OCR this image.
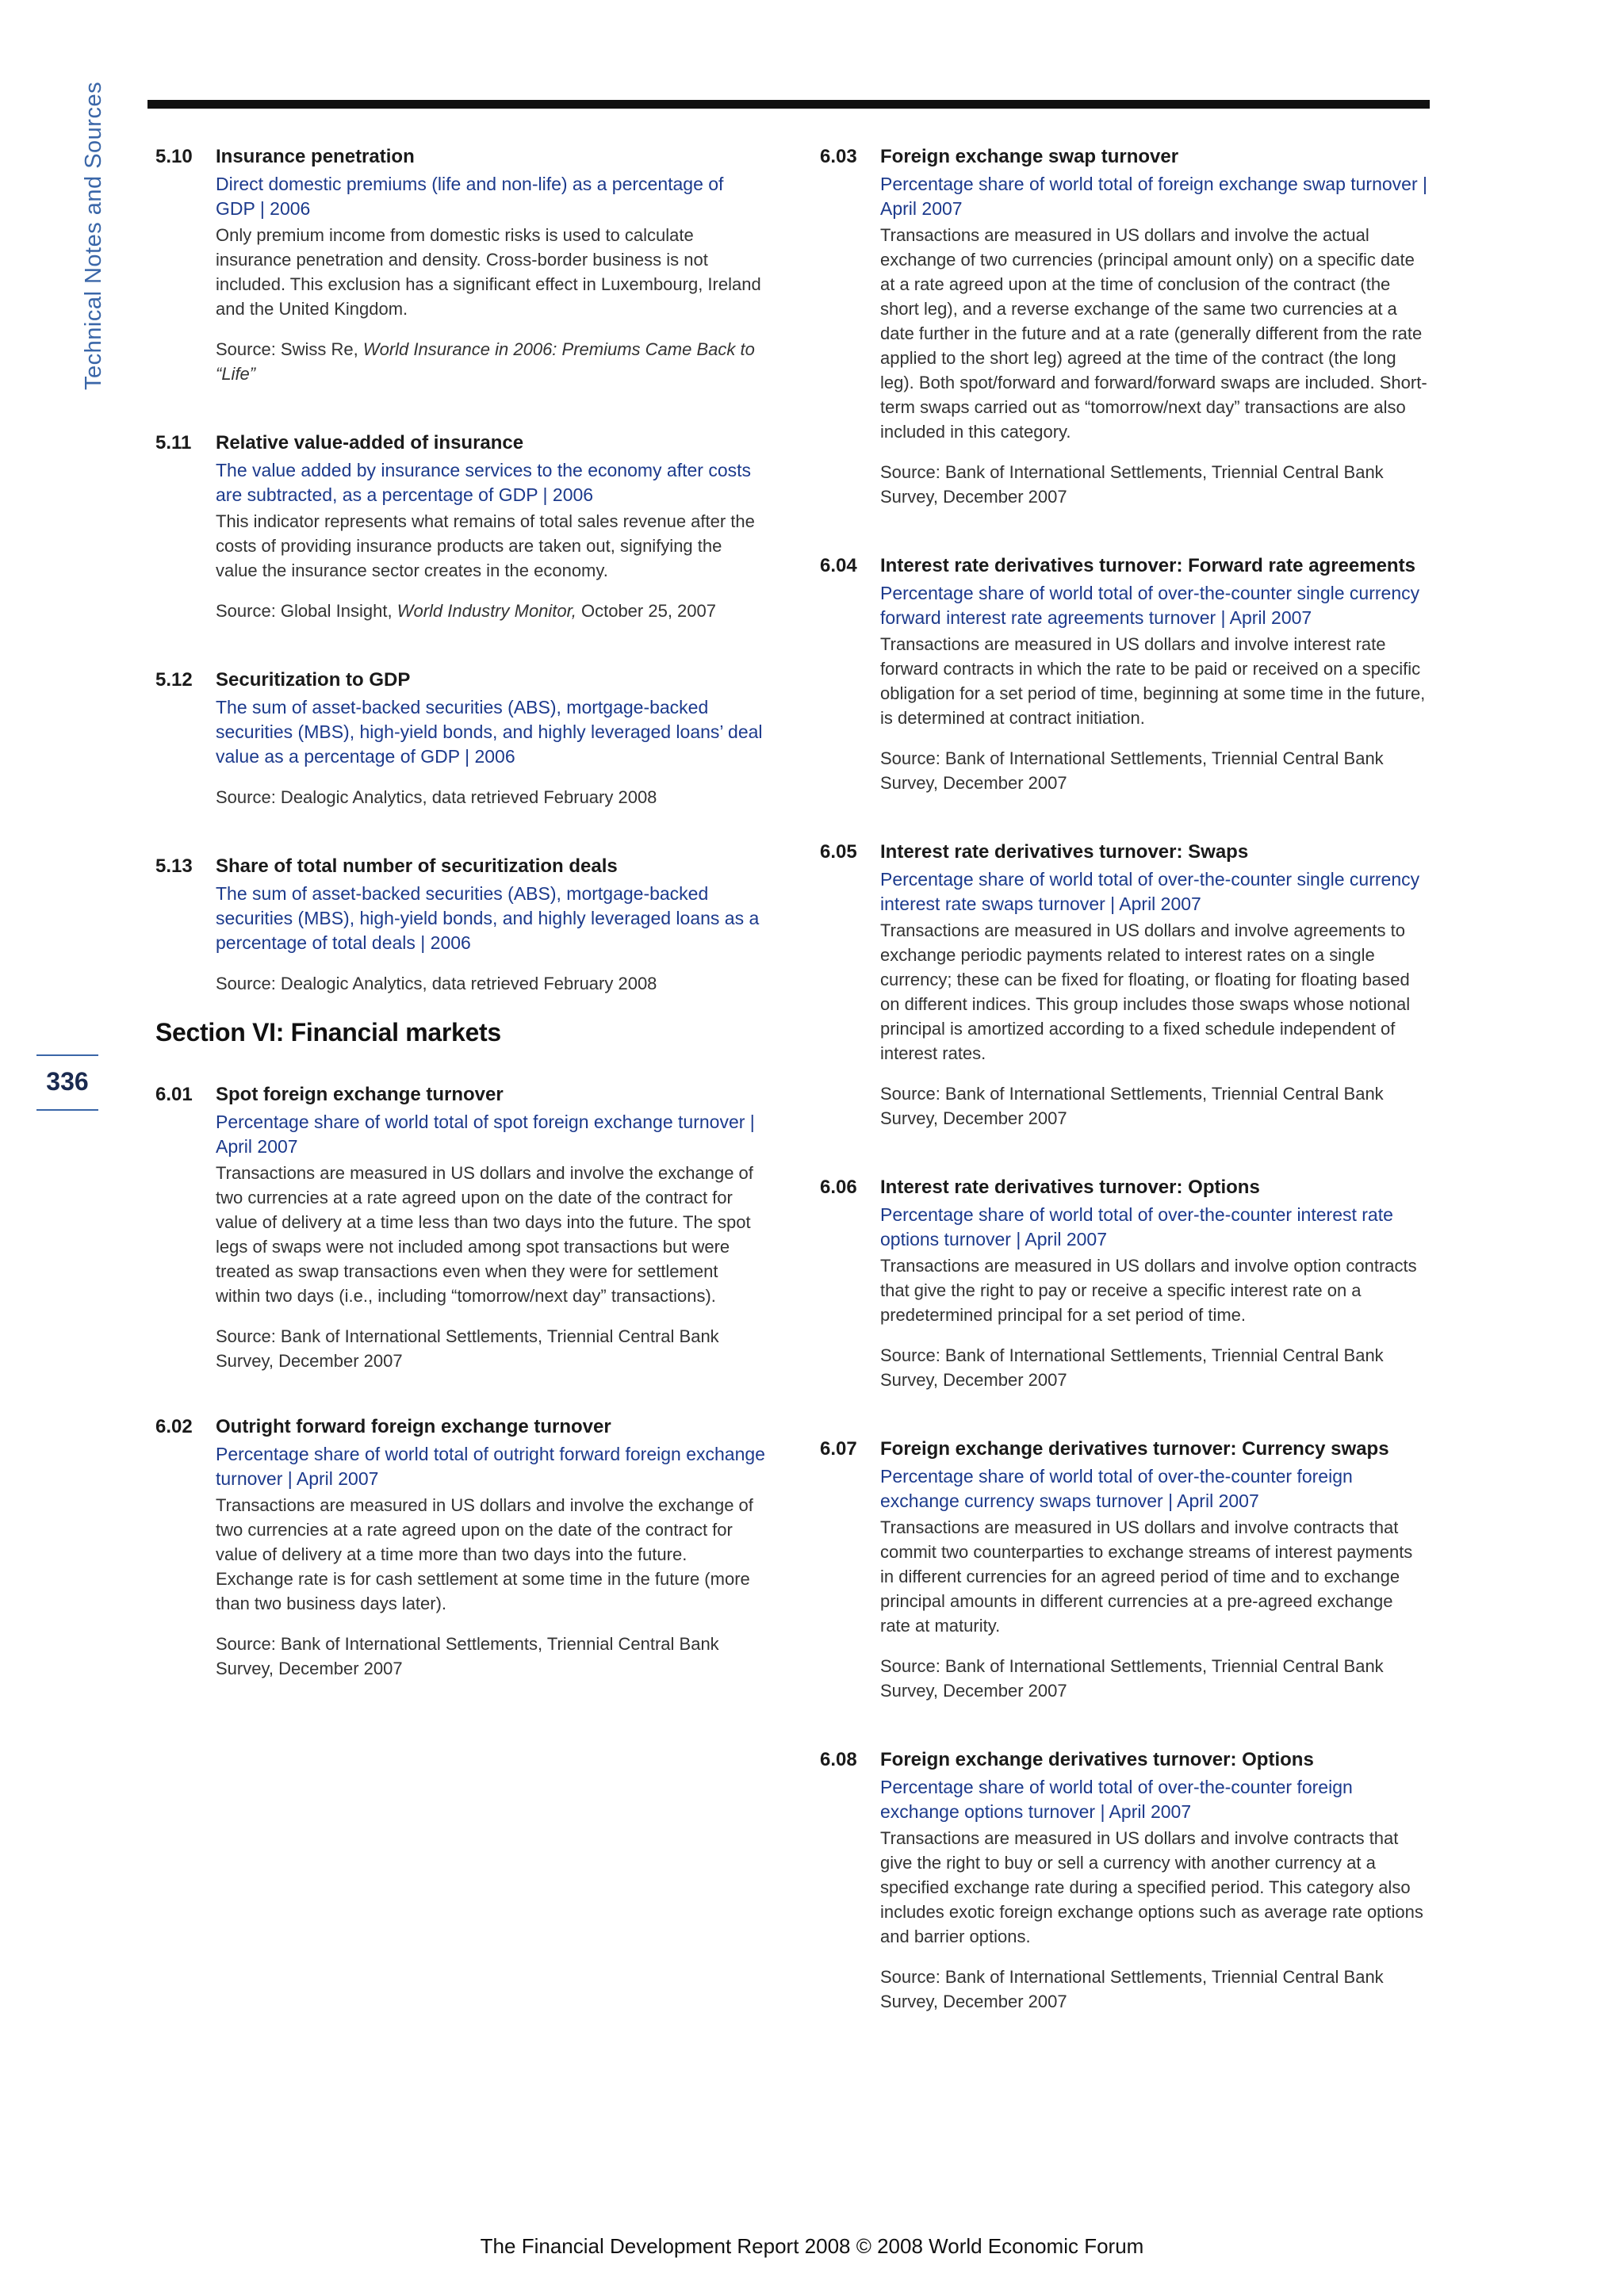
Technical Notes and Sources
336
5.10	Insurance penetration
Direct domestic premiums (life and non-life) as a percentage of GDP | 2006

Only premium income from domestic risks is used to calculate insurance penetration and density. Cross-border business is not included. This exclusion has a significant effect in Luxembourg, Ireland and the United Kingdom.

Source: Swiss Re, World Insurance in 2006: Premiums Came Back to “Life”

5.11	Relative value-added of insurance
The value added by insurance services to the economy after costs are subtracted, as a percentage of GDP | 2006

This indicator represents what remains of total sales revenue after the costs of providing insurance products are taken out, signifying the value the insurance sector creates in the economy.

Source: Global Insight, World Industry Monitor, October 25, 2007

5.12	Securitization to GDP
The sum of asset-backed securities (ABS), mortgage-backed securities (MBS), high-yield bonds, and highly leveraged loans’ deal value as a percentage of GDP | 2006

Source: Dealogic Analytics, data retrieved February 2008

5.13	Share of total number of securitization deals
The sum of asset-backed securities (ABS), mortgage-backed securities (MBS), high-yield bonds, and highly leveraged loans as a percentage of total deals | 2006

Source: Dealogic Analytics, data retrieved February 2008

Section VI: Financial markets
6.01	Spot foreign exchange turnover
Percentage share of world total of spot foreign exchange turnover | April 2007

Transactions are measured in US dollars and involve the exchange of two currencies at a rate agreed upon on the date of the contract for value of delivery at a time less than two days into the future. The spot legs of swaps were not included among spot transactions but were treated as swap transactions even when they were for settlement within two days (i.e., including “tomorrow/next day” transactions).

Source: Bank of International Settlements, Triennial Central Bank Survey, December 2007

6.02	Outright forward foreign exchange turnover
Percentage share of world total of outright forward foreign exchange turnover | April 2007

Transactions are measured in US dollars and involve the exchange of two currencies at a rate agreed upon on the date of the contract for value of delivery at a time more than two days into the future. Exchange rate is for cash settlement at some time in the future (more than two business days later).

Source: Bank of International Settlements, Triennial Central Bank Survey, December 2007

6.03	Foreign exchange swap turnover
Percentage share of world total of foreign exchange swap turnover | April 2007

Transactions are measured in US dollars and involve the actual exchange of two currencies (principal amount only) on a specific date at a rate agreed upon at the time of conclusion of the contract (the short leg), and a reverse exchange of the same two currencies at a date further in the future and at a rate (generally different from the rate applied to the short leg) agreed at the time of the contract (the long leg). Both spot/forward and forward/forward swaps are included. Short-term swaps carried out as “tomorrow/next day” transactions are also included in this category.

Source: Bank of International Settlements, Triennial Central Bank Survey, December 2007

6.04	Interest rate derivatives turnover: Forward rate agreements
Percentage share of world total of over-the-counter single currency forward interest rate agreements turnover | April 2007

Transactions are measured in US dollars and involve interest rate forward contracts in which the rate to be paid or received on a specific obligation for a set period of time, beginning at some time in the future, is determined at contract initiation.

Source: Bank of International Settlements, Triennial Central Bank Survey, December 2007

6.05	Interest rate derivatives turnover: Swaps
Percentage share of world total of over-the-counter single currency interest rate swaps turnover | April 2007

Transactions are measured in US dollars and involve agreements to exchange periodic payments related to interest rates on a single currency; these can be fixed for floating, or floating for floating based on different indices. This group includes those swaps whose notional principal is amortized according to a fixed schedule independent of interest rates.

Source: Bank of International Settlements, Triennial Central Bank Survey, December 2007

6.06	Interest rate derivatives turnover: Options
Percentage share of world total of over-the-counter interest rate options turnover | April 2007

Transactions are measured in US dollars and involve option contracts that give the right to pay or receive a specific interest rate on a predetermined principal for a set period of time.

Source: Bank of International Settlements, Triennial Central Bank Survey, December 2007

6.07	Foreign exchange derivatives turnover: Currency swaps
Percentage share of world total of over-the-counter foreign exchange currency swaps turnover | April 2007

Transactions are measured in US dollars and involve contracts that commit two counterparties to exchange streams of interest payments in different currencies for an agreed period of time and to exchange principal amounts in different currencies at a pre-agreed exchange rate at maturity.

Source: Bank of International Settlements, Triennial Central Bank Survey, December 2007

6.08	Foreign exchange derivatives turnover: Options
Percentage share of world total of over-the-counter foreign exchange options turnover | April 2007

Transactions are measured in US dollars and involve contracts that give the right to buy or sell a currency with another currency at a specified exchange rate during a specified period. This category also includes exotic foreign exchange options such as average rate options and barrier options.

Source: Bank of International Settlements, Triennial Central Bank Survey, December 2007

The Financial Development Report 2008 © 2008 World Economic Forum
